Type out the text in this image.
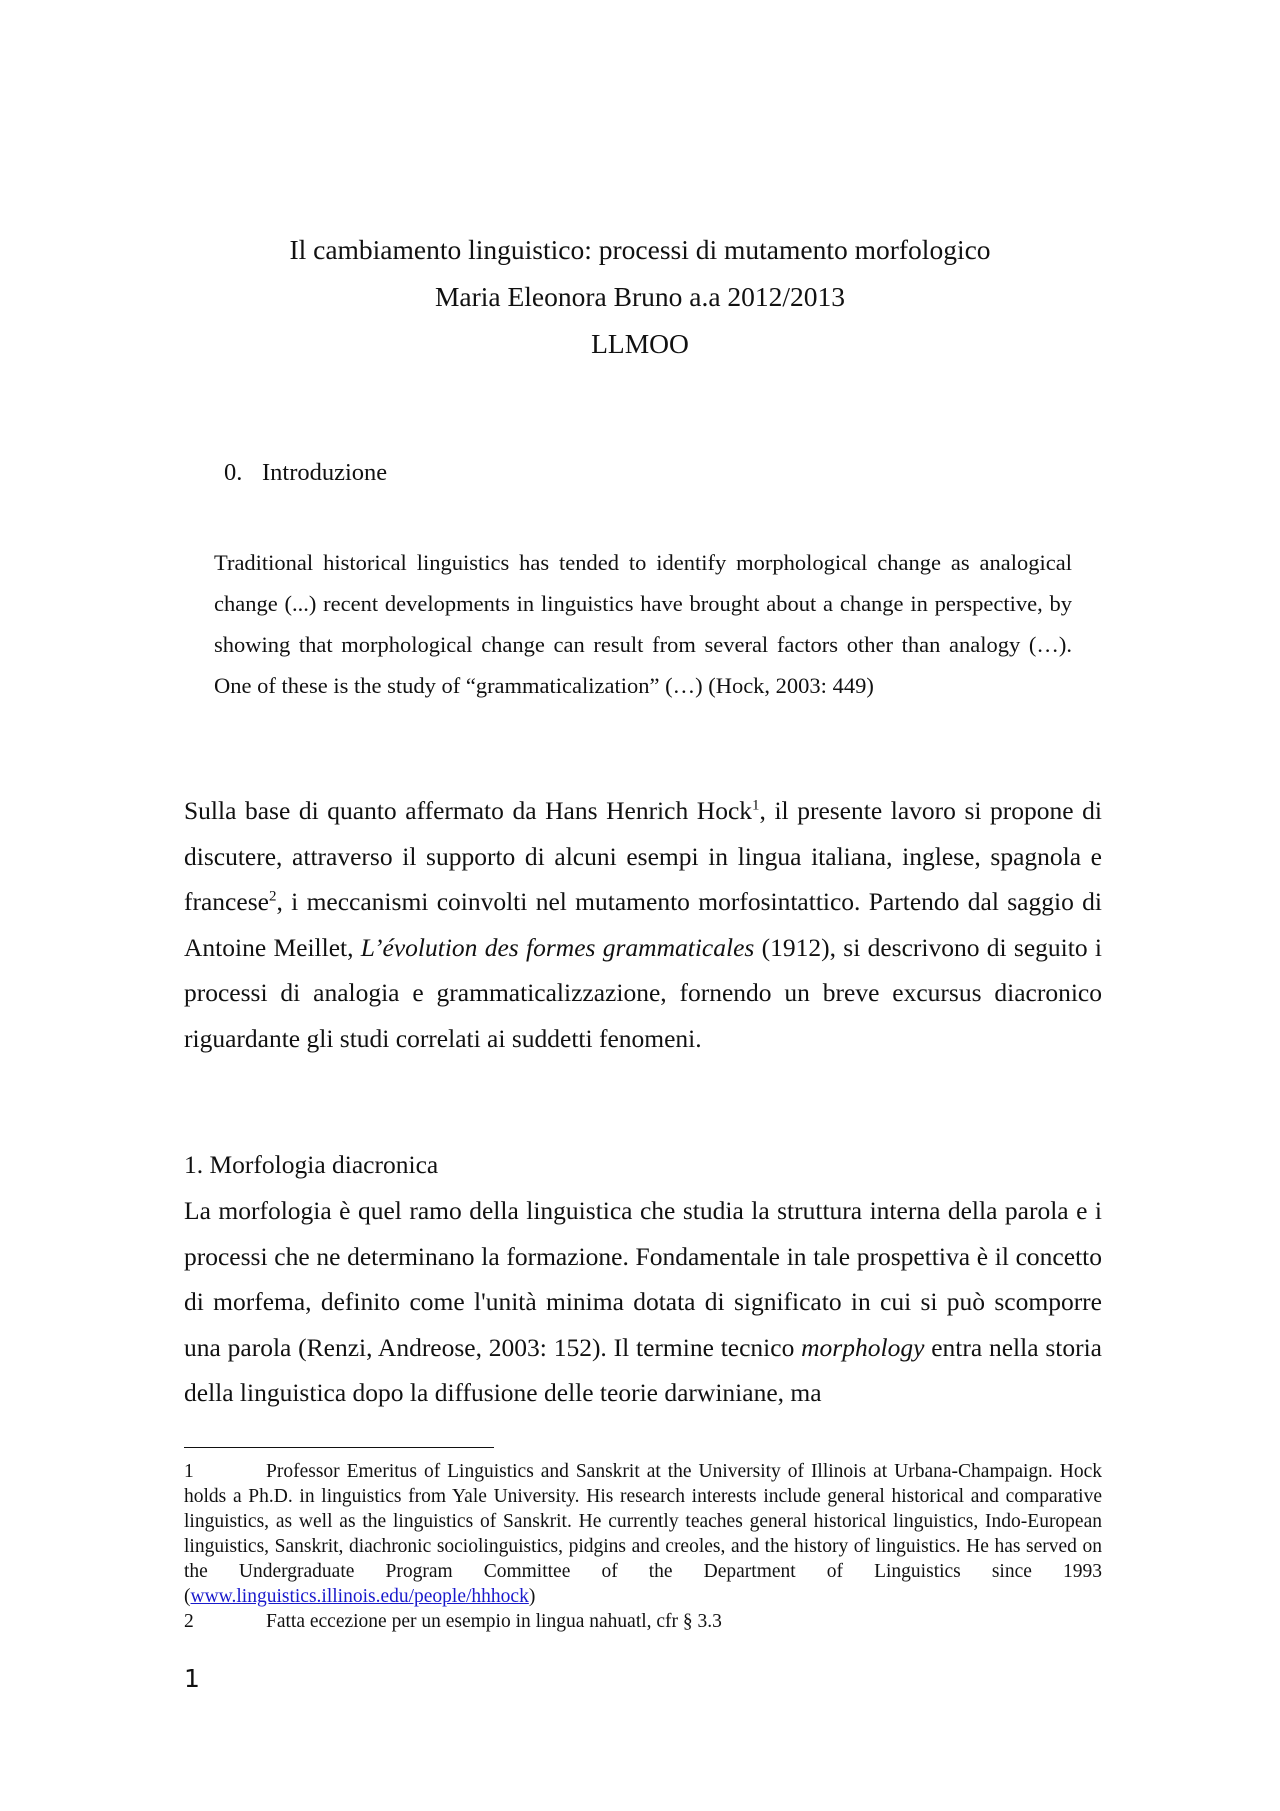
Il cambiamento linguistico: processi di mutamento morfologico
Maria Eleonora Bruno a.a 2012/2013
LLMOO
0. Introduzione
Traditional historical linguistics has tended to identify morphological change as analogical change (...) recent developments in linguistics have brought about a change in perspective, by showing that morphological change can result from several factors other than analogy (…). One of these is the study of “grammaticalization” (…) (Hock, 2003: 449)
Sulla base di quanto affermato da Hans Henrich Hock$^1$, il presente lavoro si propone di discutere, attraverso il supporto di alcuni esempi in lingua italiana, inglese, spagnola e francese$^2$, i meccanismi coinvolti nel mutamento morfosintattico. Partendo dal saggio di Antoine Meillet, L’évolution des formes grammaticales (1912), si descrivono di seguito i processi di analogia e grammaticalizzazione, fornendo un breve excursus diacronico riguardante gli studi correlati ai suddetti fenomeni.
1. Morfologia diacronica
La morfologia è quel ramo della linguistica che studia la struttura interna della parola e i processi che ne determinano la formazione. Fondamentale in tale prospettiva è il concetto di morfema, definito come l'unità minima dotata di significato in cui si può scomporre una parola (Renzi, Andreose, 2003: 152). Il termine tecnico morphology entra nella storia della linguistica dopo la diffusione delle teorie darwiniane, ma
1	Professor Emeritus of Linguistics and Sanskrit at the University of Illinois at Urbana-Champaign. Hock holds a Ph.D. in linguistics from Yale University. His research interests include general historical and comparative linguistics, as well as the linguistics of Sanskrit. He currently teaches general historical linguistics, Indo-European linguistics, Sanskrit, diachronic sociolinguistics, pidgins and creoles, and the history of linguistics. He has served on the Undergraduate Program Committee of the Department of Linguistics since 1993 (www.linguistics.illinois.edu/people/hhhock)
2	Fatta eccezione per un esempio in lingua nahuatl, cfr § 3.3
1
